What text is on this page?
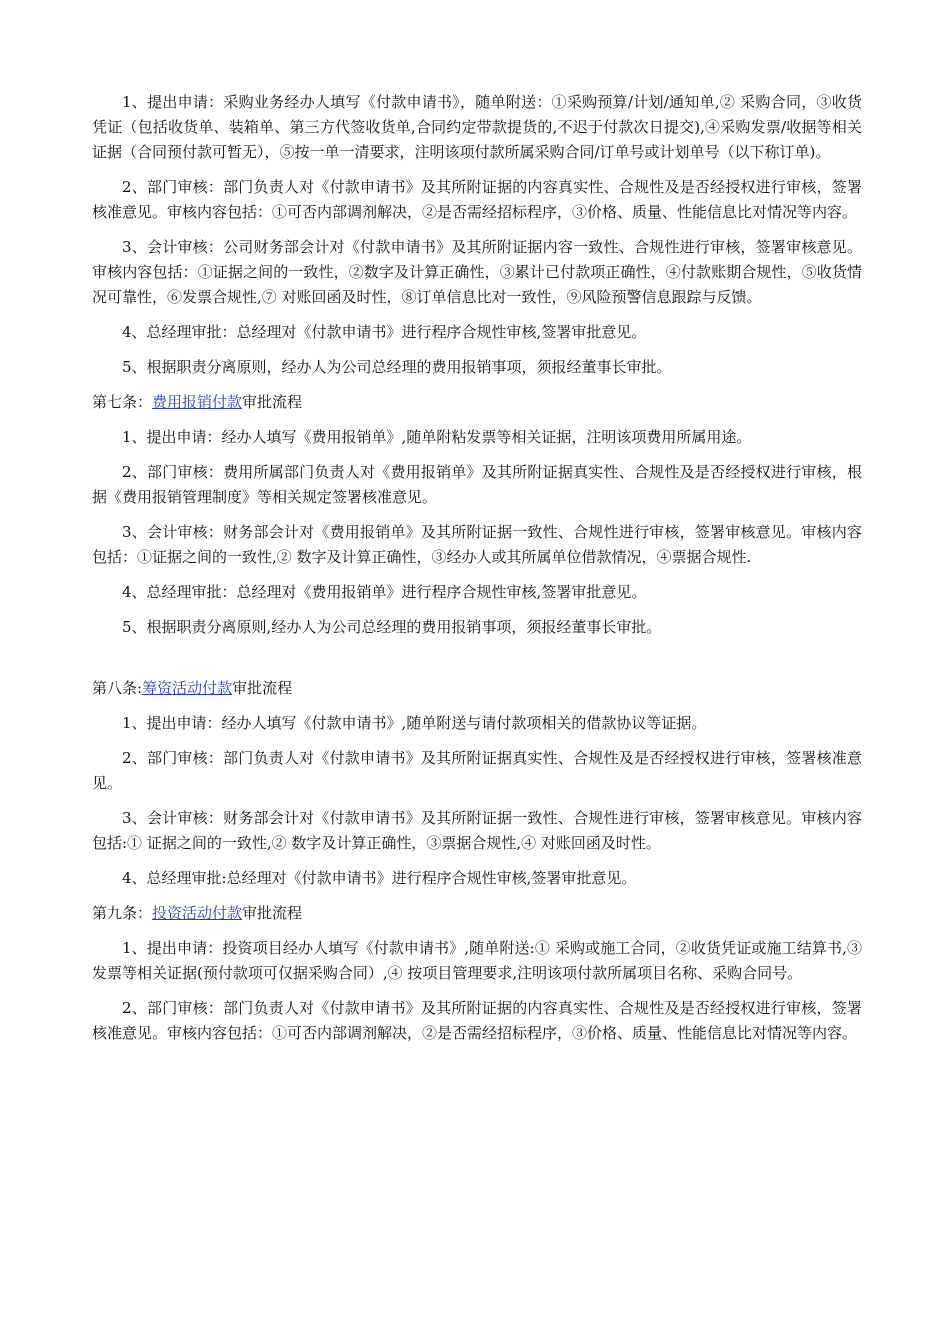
1、提出申请：采购业务经办人填写《付款申请书》，随单附送：①采购预算/计划/通知单,② 采购合同，③收货凭证（包括收货单、装箱单、第三方代签收货单,合同约定带款提货的,不迟于付款次日提交),④采购发票/收据等相关证据（合同预付款可暂无），⑤按一单一清要求，注明该项付款所属采购合同/订单号或计划单号（以下称订单)。

2、部门审核：部门负责人对《付款申请书》及其所附证据的内容真实性、合规性及是否经授权进行审核，签署核准意见。审核内容包括：①可否内部调剂解决，②是否需经招标程序，③价格、质量、性能信息比对情况等内容。

3、会计审核：公司财务部会计对《付款申请书》及其所附证据内容一致性、合规性进行审核，签署审核意见。审核内容包括：①证据之间的一致性，②数字及计算正确性，③累计已付款项正确性，④付款账期合规性，⑤收货情况可靠性，⑥发票合规性,⑦ 对账回函及时性，⑧订单信息比对一致性，⑨风险预警信息跟踪与反馈。

4、总经理审批：总经理对《付款申请书》进行程序合规性审核,签署审批意见。

5、根据职责分离原则，经办人为公司总经理的费用报销事项，须报经董事长审批。

第七条：费用报销付款审批流程

1、提出申请：经办人填写《费用报销单》,随单附粘发票等相关证据，注明该项费用所属用途。

2、部门审核：费用所属部门负责人对《费用报销单》及其所附证据真实性、合规性及是否经授权进行审核，根据《费用报销管理制度》等相关规定签署核准意见。

3、会计审核：财务部会计对《费用报销单》及其所附证据一致性、合规性进行审核，签署审核意见。审核内容包括：①证据之间的一致性,② 数字及计算正确性，③经办人或其所属单位借款情况，④票据合规性.

4、总经理审批：总经理对《费用报销单》进行程序合规性审核,签署审批意见。

5、根据职责分离原则,经办人为公司总经理的费用报销事项，须报经董事长审批。

第八条:筹资活动付款审批流程

1、提出申请：经办人填写《付款申请书》,随单附送与请付款项相关的借款协议等证据。

2、部门审核：部门负责人对《付款申请书》及其所附证据真实性、合规性及是否经授权进行审核，签署核准意见。

3、会计审核：财务部会计对《付款申请书》及其所附证据一致性、合规性进行审核，签署审核意见。审核内容包括:① 证据之间的一致性,② 数字及计算正确性，③票据合规性,④ 对账回函及时性。

4、总经理审批:总经理对《付款申请书》进行程序合规性审核,签署审批意见。

第九条：投资活动付款审批流程

1、提出申请：投资项目经办人填写《付款申请书》,随单附送:① 采购或施工合同，②收货凭证或施工结算书,③ 发票等相关证据(预付款项可仅据采购合同）,④ 按项目管理要求,注明该项付款所属项目名称、采购合同号。

2、部门审核：部门负责人对《付款申请书》及其所附证据的内容真实性、合规性及是否经授权进行审核，签署核准意见。审核内容包括：①可否内部调剂解决，②是否需经招标程序，③价格、质量、性能信息比对情况等内容。
